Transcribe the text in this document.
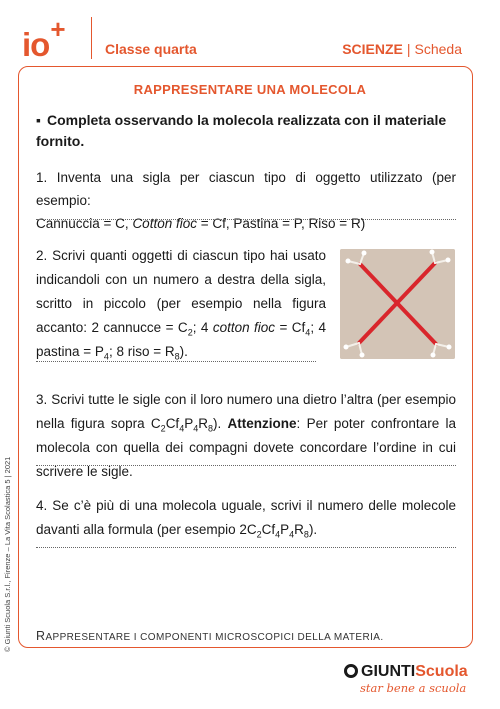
io+
Classe quarta	SCIENZE | Scheda
RAPPRESENTARE UNA MOLECOLA
▪ Completa osservando la molecola realizzata con il materiale fornito.
1. Inventa una sigla per ciascun tipo di oggetto utilizzato (per esempio:
Cannuccia = C, Cotton fioc = Cf, Pastina = P, Riso = R)
2. Scrivi quanti oggetti di ciascun tipo hai usato indicandoli con un numero a destra della sigla, scritto in piccolo (per esempio nella figura accanto: 2 cannucce = $C_2$; 4 cotton fioc = $Cf_4$; 4 pastina = $P_4$; 8 riso = $R_8$).
3. Scrivi tutte le sigle con il loro numero una dietro l’altra (per esempio nella figura sopra $C_2Cf_4P_4R_8$). Attenzione: Per poter confrontare la molecola con quella dei compagni dovete concordare l’ordine in cui scrivere le sigle.
4. Se c’è più di una molecola uguale, scrivi il numero delle molecole davanti alla formula (per esempio $2C_2Cf_4P_4R_8$).
RAPPRESENTARE I COMPONENTI MICROSCOPICI DELLA MATERIA.
© Giunti Scuola S.r.l., Firenze – La Vita Scolastica 5 | 2021
GIUNTIScuola
star bene a scuola
